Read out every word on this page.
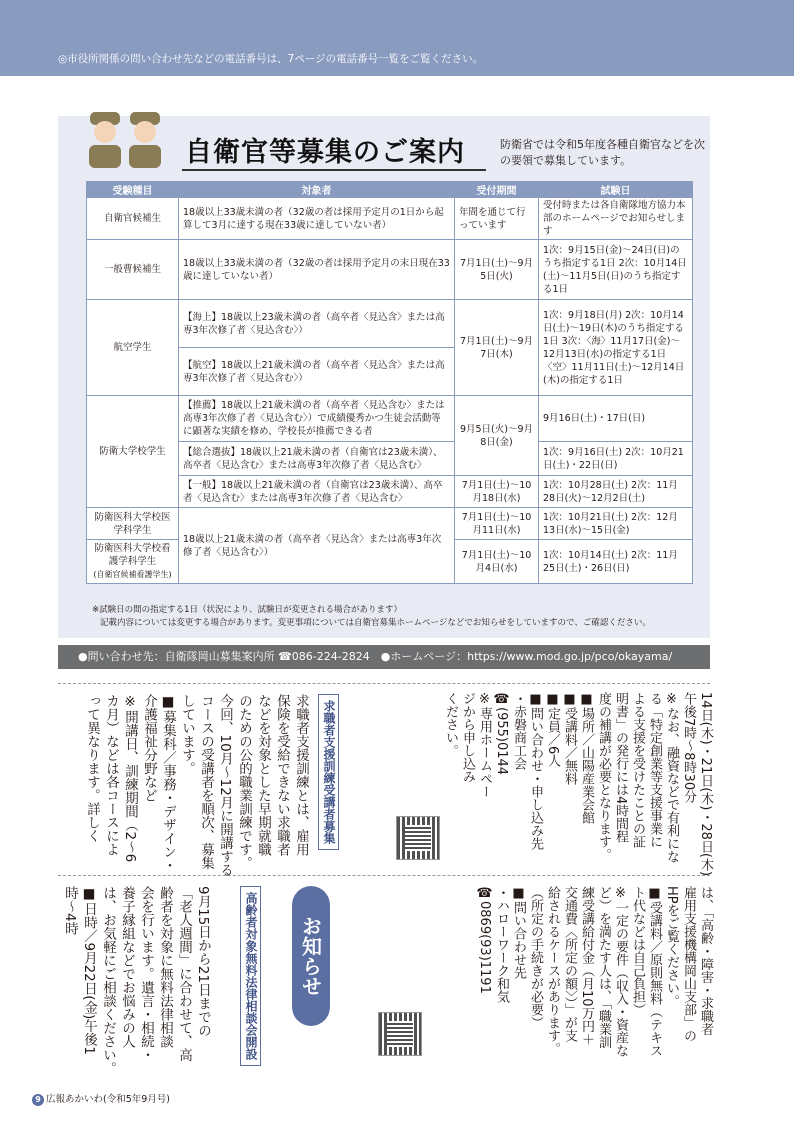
◎市役所関係の問い合わせ先などの電話番号は、7ページの電話番号一覧をご覧ください。
自衛官等募集のご案内	防衛省では令和5年度各種自衛官などを次の要領で募集しています。
受験種目	対象者	受付期間	試験日
自衛官候補生	18歳以上33歳未満の者（32歳の者は採用予定月の1日から起算して3月に達する現在33歳に達していない者）	年間を通じて行っています	受付時または各自衛隊地方協力本部のホームページでお知らせします
一般曹候補生	18歳以上33歳未満の者（32歳の者は採用予定月の末日現在33歳に達していない者）	7月1日(土)～9月5日(火)	1次：9月15日(金)～24日(日)のうち指定する1日 2次：10月14日(土)～11月5日(日)のうち指定する1日
航空学生	【海上】18歳以上23歳未満の者（高卒者〈見込含〉または高専3年次修了者〈見込含む〉）	7月1日(土)～9月7日(木)	1次：9月18日(月) 2次：10月14日(土)～19日(木)のうち指定する1日 3次：〈海〉11月17日(金)～12月13日(水)の指定する1日 〈空〉11月11日(土)～12月14日(木)の指定する1日
	【航空】18歳以上21歳未満の者（高卒者〈見込含〉または高専3年次修了者〈見込含む〉）		
防衛大学校学生	【推薦】18歳以上21歳未満の者（高卒者〈見込含む〉または高専3年次修了者〈見込含む〉）で成績優秀かつ生徒会活動等に顕著な実績を修め、学校長が推薦できる者	9月5日(火)～9月8日(金)	9月16日(土)・17日(日)
	【総合選抜】18歳以上21歳未満の者（自衛官は23歳未満）、高卒者〈見込含む〉または高専3年次修了者〈見込含む〉		1次：9月16日(土) 2次：10月21日(土)・22日(日)
	【一般】18歳以上21歳未満の者（自衛官は23歳未満）、高卒者〈見込含む〉または高専3年次修了者〈見込含む〉	7月1日(土)～10月18日(水)	1次：10月28日(土) 2次：11月28日(火)～12月2日(土)
防衛医科大学校医学科学生	18歳以上21歳未満の者（高卒者〈見込含〉または高専3年次修了者〈見込含む〉）	7月1日(土)～10月11日(水)	1次：10月21日(土) 2次：12月13日(水)～15日(金)
防衛医科大学校看護学科学生
(自衛官候補看護学生)		7月1日(土)～10月4日(水)	1次：10月14日(土) 2次：11月25日(土)・26日(日)
※試験日の間の指定する1日（状況により、試験日が変更される場合があります）
記載内容については変更する場合があります。変更事項については自衛官募集ホームページなどでお知らせをしていますので、ご確認ください。
●問い合わせ先：自衛隊岡山募集案内所 ☎086-224-2824　●ホームページ：https://www.mod.go.jp/pco/okayama/
14日(木)・21日(木)・28日(木)
午後7時～8時30分
※なお、融資などで有利にな
る「特定創業等支援事業に
よる支援を受けたことの証
明書」の発行には4時間程
度の補講が必要となります。
■場所／山陽産業会館
■受講料／無料
■定員／6人
■問い合わせ・申し込み先
・赤磐商工会
☎(955)0144
※専用ホームペー
ジから申し込み
ください。
求職者支援訓練受講者募集
求職者支援訓練とは、雇用
保険を受給できない求職者
などを対象とした早期就職
のための公的職業訓練です。
今回、10月～12月に開講する
コースの受講者を順次、募集
しています。
■募集科／事務・デザイン・
介護福祉分野など
※開講日、訓練期間（2～6
カ月）などは各コースによ
って異なります。詳しく
は、「高齢・障害・求職者
雇用支援機構岡山支部」の
HPをご覧ください。
■受講料／原則無料（テキス
ト代などは自己負担）
※一定の要件（収入・資産な
ど）を満たす人は、「職業訓
練受講給付金（月10万円＋
交通費〈所定の額〉）」が支
給されるケースがあります。
（所定の手続きが必要）
■問い合わせ先
・ハローワーク和気
☎0869(93)1191
お知らせ
高齢者対象無料法律相談会開設
9月15日から21日までの
「老人週間」に合わせて、高
齢者を対象に無料法律相談
会を行います。遺言・相続・
養子縁組などでお悩みの人
は、お気軽にご相談ください。
■日時／9月22日(金)午後1
時～4時
9 広報あかいわ(令和5年9月号)
